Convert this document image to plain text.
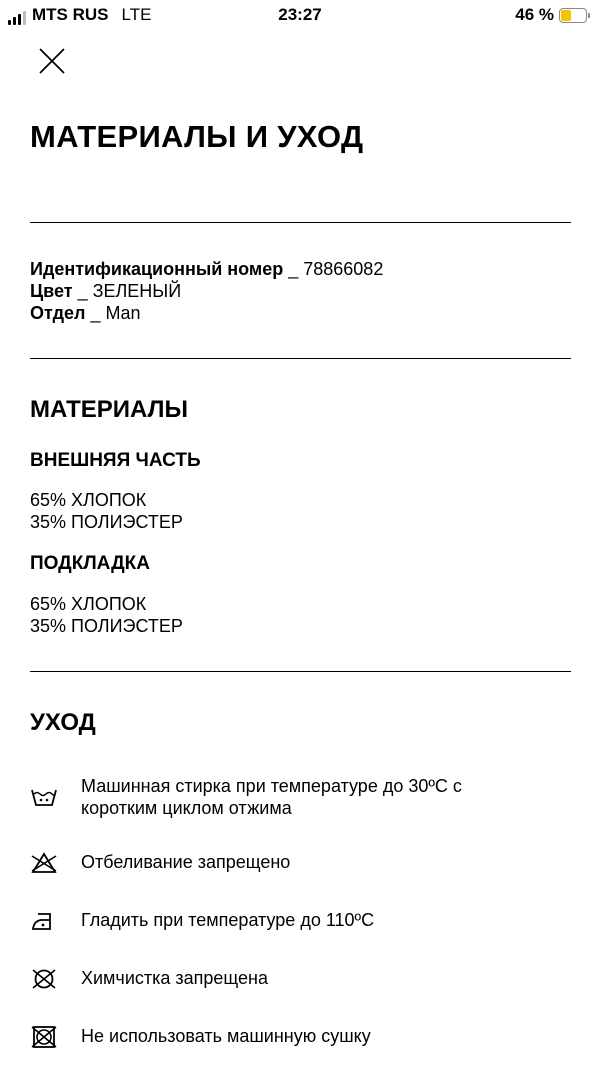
MTS RUS LTE	23:27	46 %
МАТЕРИАЛЫ И УХОД
Идентификационный номер _ 78866082
Цвет _ ЗЕЛЕНЫЙ
Отдел _ Man
МАТЕРИАЛЫ
ВНЕШНЯЯ ЧАСТЬ
65% ХЛОПОК
35% ПОЛИЭСТЕР
ПОДКЛАДКА
65% ХЛОПОК
35% ПОЛИЭСТЕР
УХОД
Машинная стирка при температуре до 30ºC с коротким циклом отжима
Отбеливание запрещено
Гладить при температуре до 110ºC
Химчистка запрещена
Не использовать машинную сушку
